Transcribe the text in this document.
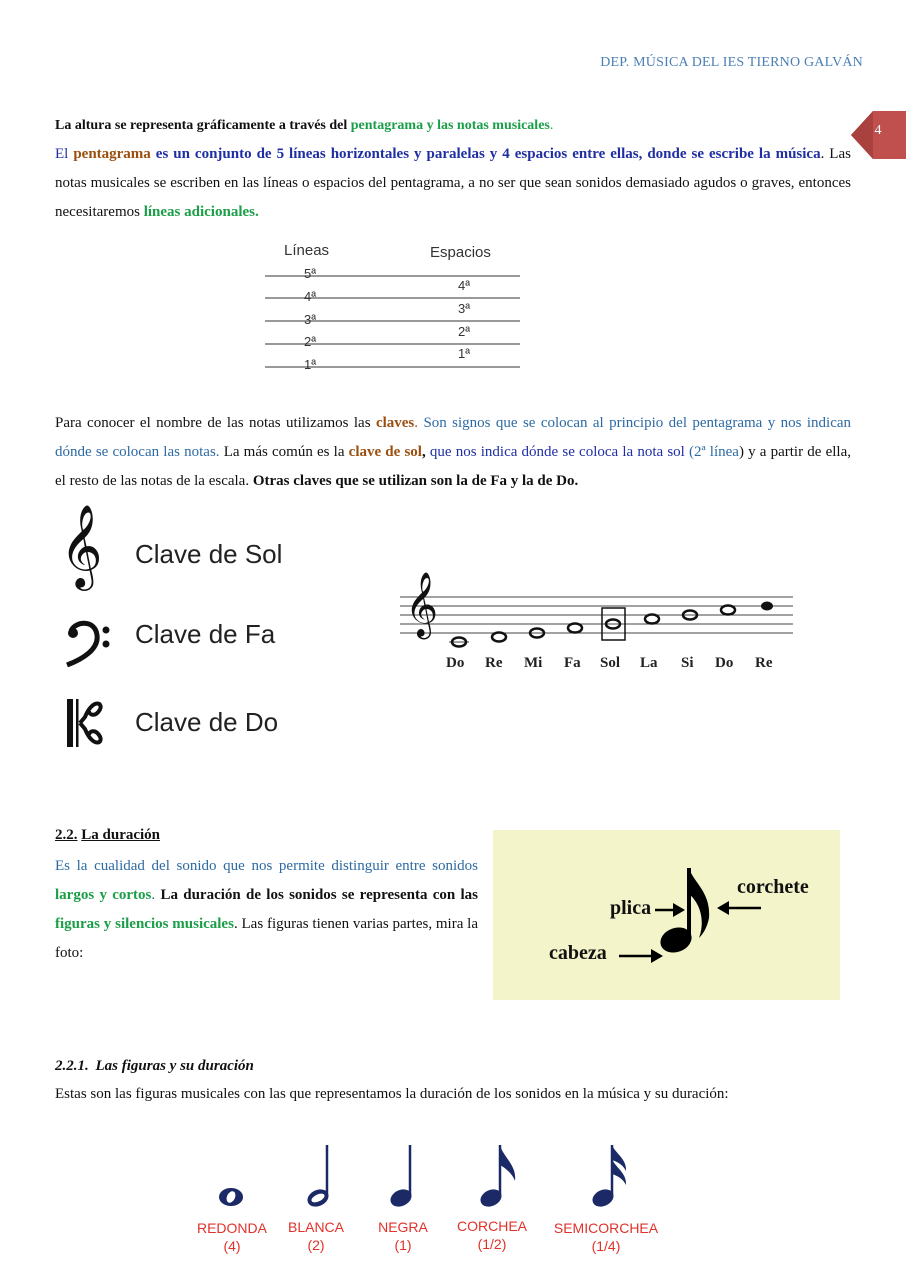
DEP. MÚSICA DEL IES TIERNO GALVÁN
4
La altura se representa gráficamente a través del pentagrama y las notas musicales.
El pentagrama es un conjunto de 5 líneas horizontales y paralelas y 4 espacios entre ellas, donde se escribe la música. Las notas musicales se escriben en las líneas o espacios del pentagrama, a no ser que sean sonidos demasiado agudos o graves, entonces necesitaremos líneas adicionales.
Líneas	Espacios
5ª
4ª
3ª
2ª
1ª
4ª
3ª
2ª
1ª
Para conocer el nombre de las notas utilizamos las claves. Son signos que se colocan al principio del pentagrama y nos indican dónde se colocan las notas. La más común es la clave de sol, que nos indica dónde se coloca la nota sol (2ª línea) y a partir de ella, el resto de las notas de la escala. Otras claves que se utilizan son la de Fa y la de Do.
𝄞 Clave de Sol
Clave de Fa
Clave de Do
𝄞
Do Re Mi Fa Sol La Si Do Re
2.2. La duración
Es la cualidad del sonido que nos permite distinguir entre sonidos largos y cortos. La duración de los sonidos se representa con las figuras y silencios musicales. Las figuras tienen varias partes, mira la foto:
plica
corchete
cabeza
2.2.1. Las figuras y su duración
Estas son las figuras musicales con las que representamos la duración de los sonidos en la música y su duración:
REDONDA
(4)
BLANCA
(2)
NEGRA
(1)
CORCHEA
(1/2)
SEMICORCHEA
(1/4)
